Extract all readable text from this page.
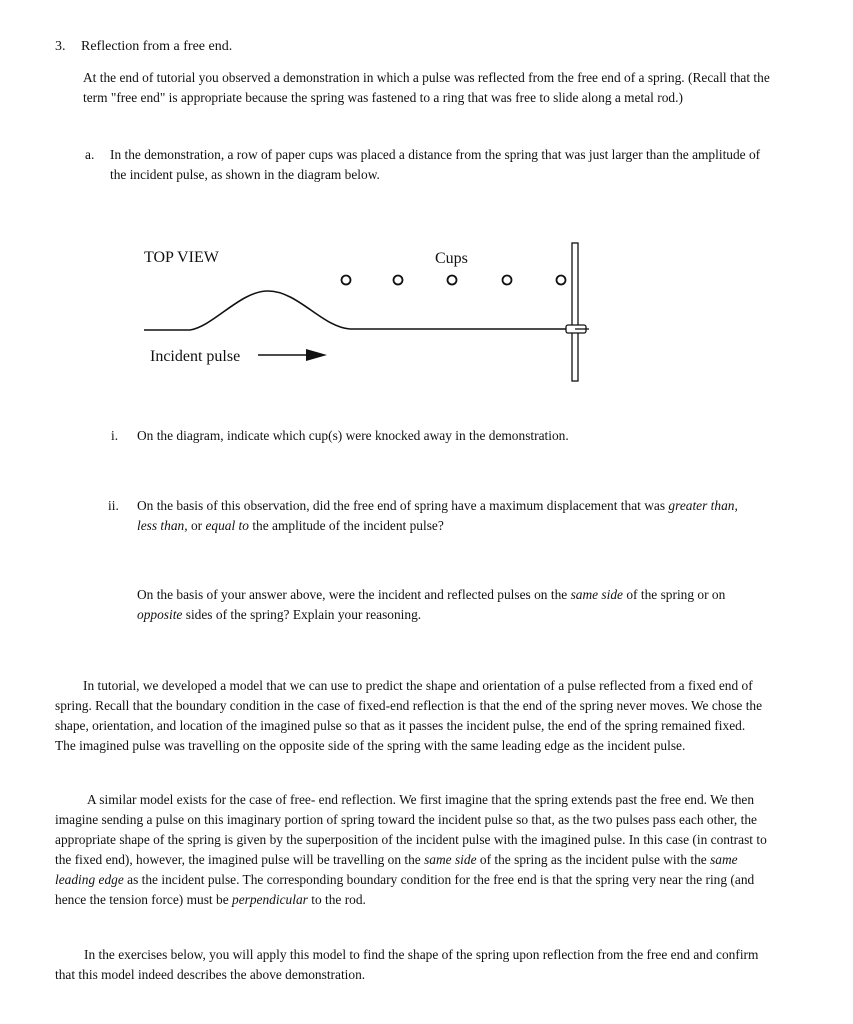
3. Reflection from a free end.

At the end of tutorial you observed a demonstration in which a pulse was reflected from the free end of a spring. (Recall that the term "free end" is appropriate because the spring was fastened to a ring that was free to slide along a metal rod.)

a.	In the demonstration, a row of paper cups was placed a distance from the spring that was just larger than the amplitude of the incident pulse, as shown in the diagram below.
TOP VIEW	Cups
Incident pulse
i.	On the diagram, indicate which cup(s) were knocked away in the demonstration.
ii.	On the basis of this observation, did the free end of spring have a maximum displacement that was greater than, less than, or equal to the amplitude of the incident pulse?

On the basis of your answer above, were the incident and reflected pulses on the same side of the spring or on opposite sides of the spring? Explain your reasoning.

In tutorial, we developed a model that we can use to predict the shape and orientation of a pulse reflected from a fixed end of spring. Recall that the boundary condition in the case of fixed-end reflection is that the end of the spring never moves. We chose the shape, orientation, and location of the imagined pulse so that as it passes the incident pulse, the end of the spring remained fixed. The imagined pulse was travelling on the opposite side of the spring with the same leading edge as the incident pulse.

A similar model exists for the case of free- end reflection. We first imagine that the spring extends past the free end. We then imagine sending a pulse on this imaginary portion of spring toward the incident pulse so that, as the two pulses pass each other, the appropriate shape of the spring is given by the superposition of the incident pulse with the imagined pulse. In this case (in contrast to the fixed end), however, the imagined pulse will be travelling on the same side of the spring as the incident pulse with the same leading edge as the incident pulse. The corresponding boundary condition for the free end is that the spring very near the ring (and hence the tension force) must be perpendicular to the rod.

In the exercises below, you will apply this model to find the shape of the spring upon reflection from the free end and confirm that this model indeed describes the above demonstration.
